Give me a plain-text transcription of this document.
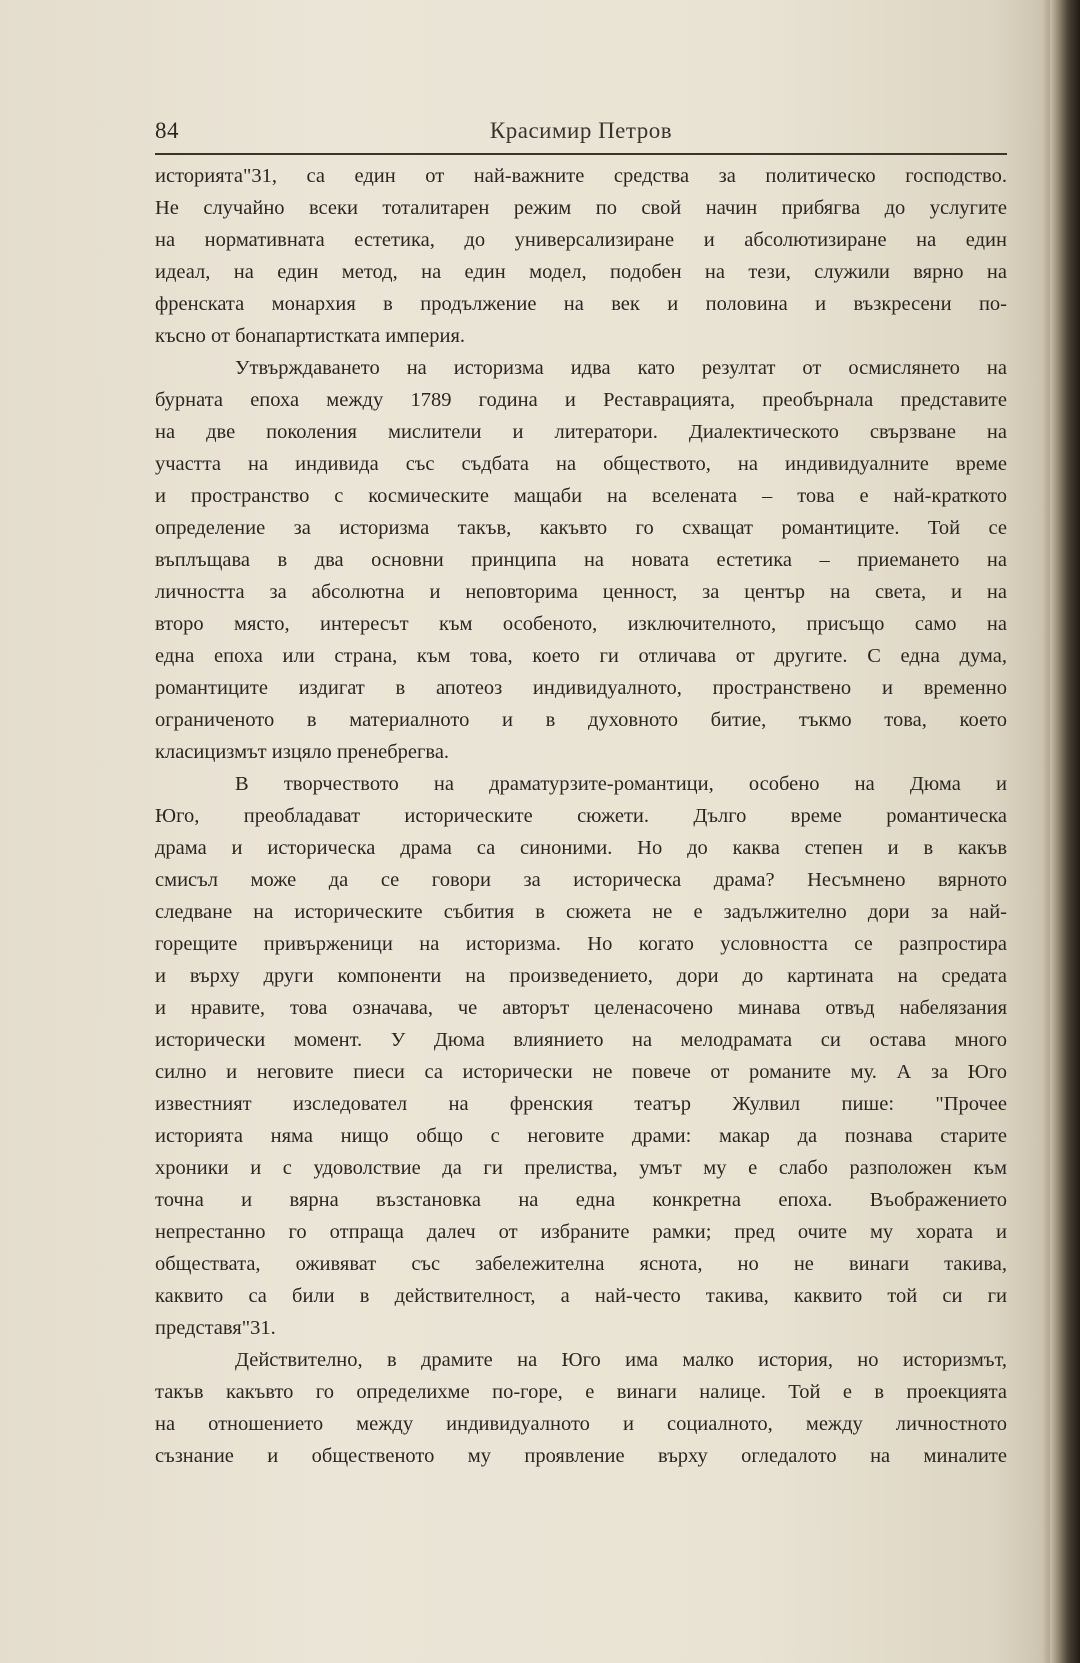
84	Красимир Петров
историята"31, са един от най-важните средства за политическо господство.
Не случайно всеки тоталитарен режим по свой начин прибягва до услугите
на нормативната естетика, до универсализиране и абсолютизиране на един
идеал, на един метод, на един модел, подобен на тези, служили вярно на
френската монархия в продължение на век и половина и възкресени по-
късно от бонапартистката империя.
Утвърждаването на историзма идва като резултат от осмислянето на
бурната епоха между 1789 година и Реставрацията, преобърнала представите
на две поколения мислители и литератори. Диалектическото свързване на
участта на индивида със съдбата на обществото, на индивидуалните време
и пространство с космическите мащаби на вселената – това е най-краткото
определение за историзма такъв, какъвто го схващат романтиците. Той се
въплъщава в два основни принципа на новата естетика – приемането на
личността за абсолютна и неповторима ценност, за център на света, и на
второ място, интересът към особеното, изключителното, присъщо само на
една епоха или страна, към това, което ги отличава от другите. С една дума,
романтиците издигат в апотеоз индивидуалното, пространствено и временно
ограниченото в материалното и в духовното битие, тъкмо това, което
класицизмът изцяло пренебрегва.
В творчеството на драматурзите-романтици, особено на Дюма и
Юго, преобладават историческите сюжети. Дълго време романтическа
драма и историческа драма са синоними. Но до каква степен и в какъв
смисъл може да се говори за историческа драма? Несъмнено вярното
следване на историческите събития в сюжета не е задължително дори за най-
горещите привърженици на историзма. Но когато условността се разпростира
и върху други компоненти на произведението, дори до картината на средата
и нравите, това означава, че авторът целенасочено минава отвъд набелязания
исторически момент. У Дюма влиянието на мелодрамата си остава много
силно и неговите пиеси са исторически не повече от романите му. А за Юго
известният изследовател на френския театър Жулвил пише: "Прочее
историята няма нищо общо с неговите драми: макар да познава старите
хроники и с удоволствие да ги прелиства, умът му е слабо разположен към
точна и вярна възстановка на една конкретна епоха. Въображението
непрестанно го отпраща далеч от избраните рамки; пред очите му хората и
обществата, оживяват със забележителна яснота, но не винаги такива,
каквито са били в действителност, а най-често такива, каквито той си ги
представя"31.
Действително, в драмите на Юго има малко история, но историзмът,
такъв какъвто го определихме по-горе, е винаги налице. Той е в проекцията
на отношението между индивидуалното и социалното, между личностното
съзнание и общественото му проявление върху огледалото на миналите
